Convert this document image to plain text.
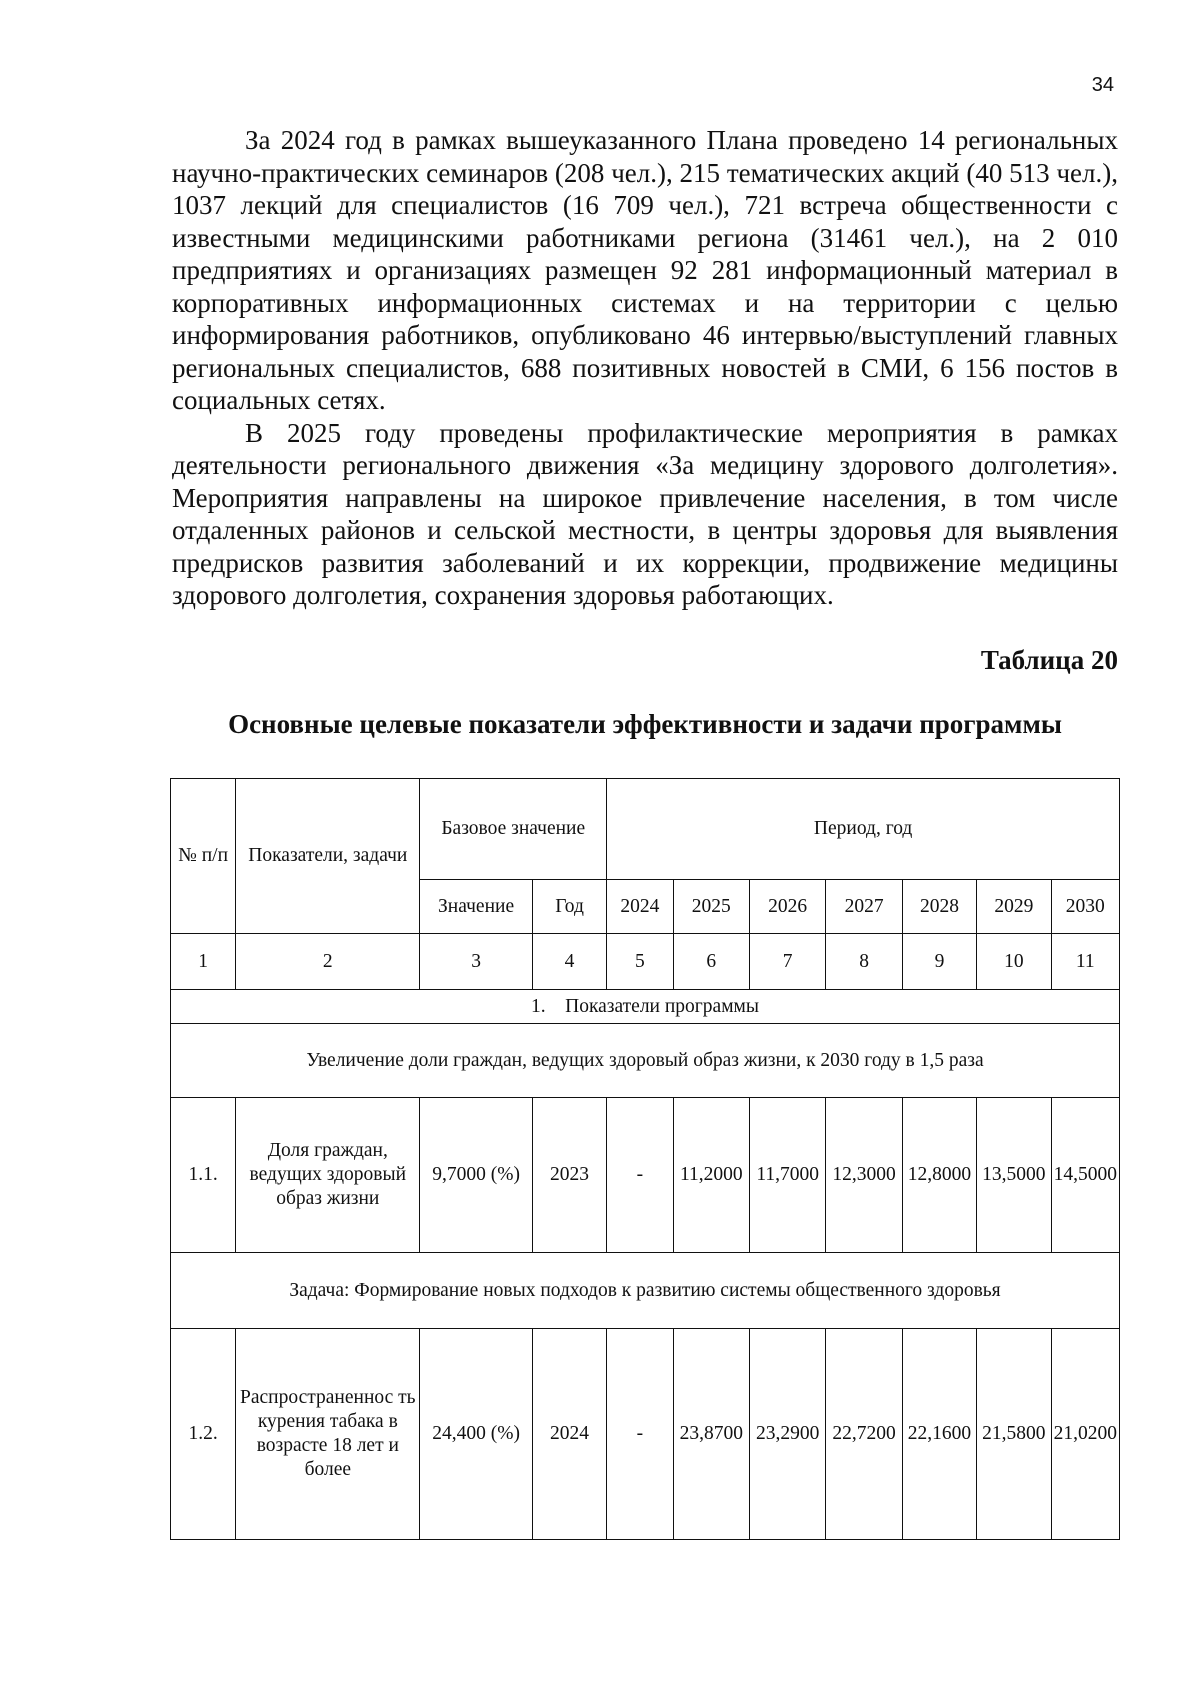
34

За 2024 год в рамках вышеуказанного Плана проведено 14 региональных научно-практических семинаров (208 чел.), 215 тематических акций (40 513 чел.), 1037 лекций для специалистов (16 709 чел.), 721 встреча общественности с известными медицинскими работниками региона (31461 чел.), на 2 010 предприятиях и организациях размещен 92 281 информационный материал в корпоративных информационных системах и на территории с целью информирования работников, опубликовано 46 интервью/выступлений главных региональных специалистов, 688 позитивных новостей в СМИ, 6 156 постов в социальных сетях.

В 2025 году проведены профилактические мероприятия в рамках деятельности регионального движения «За медицину здорового долголетия». Мероприятия направлены на широкое привлечение населения, в том числе отдаленных районов и сельской местности, в центры здоровья для выявления предрисков развития заболеваний и их коррекции, продвижение медицины здорового долголетия, сохранения здоровья работающих.

Таблица 20
Основные целевые показатели эффективности и задачи программы
№ п/п	Показатели, задачи	Базовое значение		Период, год						
		Значение	Год	2024	2025	2026	2027	2028	2029	2030
1	2	3	4	5	6	7	8	9	10	11
1.    Показатели программы										
Увеличение доли граждан, ведущих здоровый образ жизни, к 2030 году в 1,5 раза										
1.1.	Доля граждан, ведущих здоровый образ жизни	9,7000 (%)	2023	-	11,2000	11,7000	12,3000	12,8000	13,5000	14,5000
Задача: Формирование новых подходов к развитию системы общественного здоровья										
1.2.	Распространеннос ть курения табака в возрасте 18 лет и более	24,400 (%)	2024	-	23,8700	23,2900	22,7200	22,1600	21,5800	21,0200
